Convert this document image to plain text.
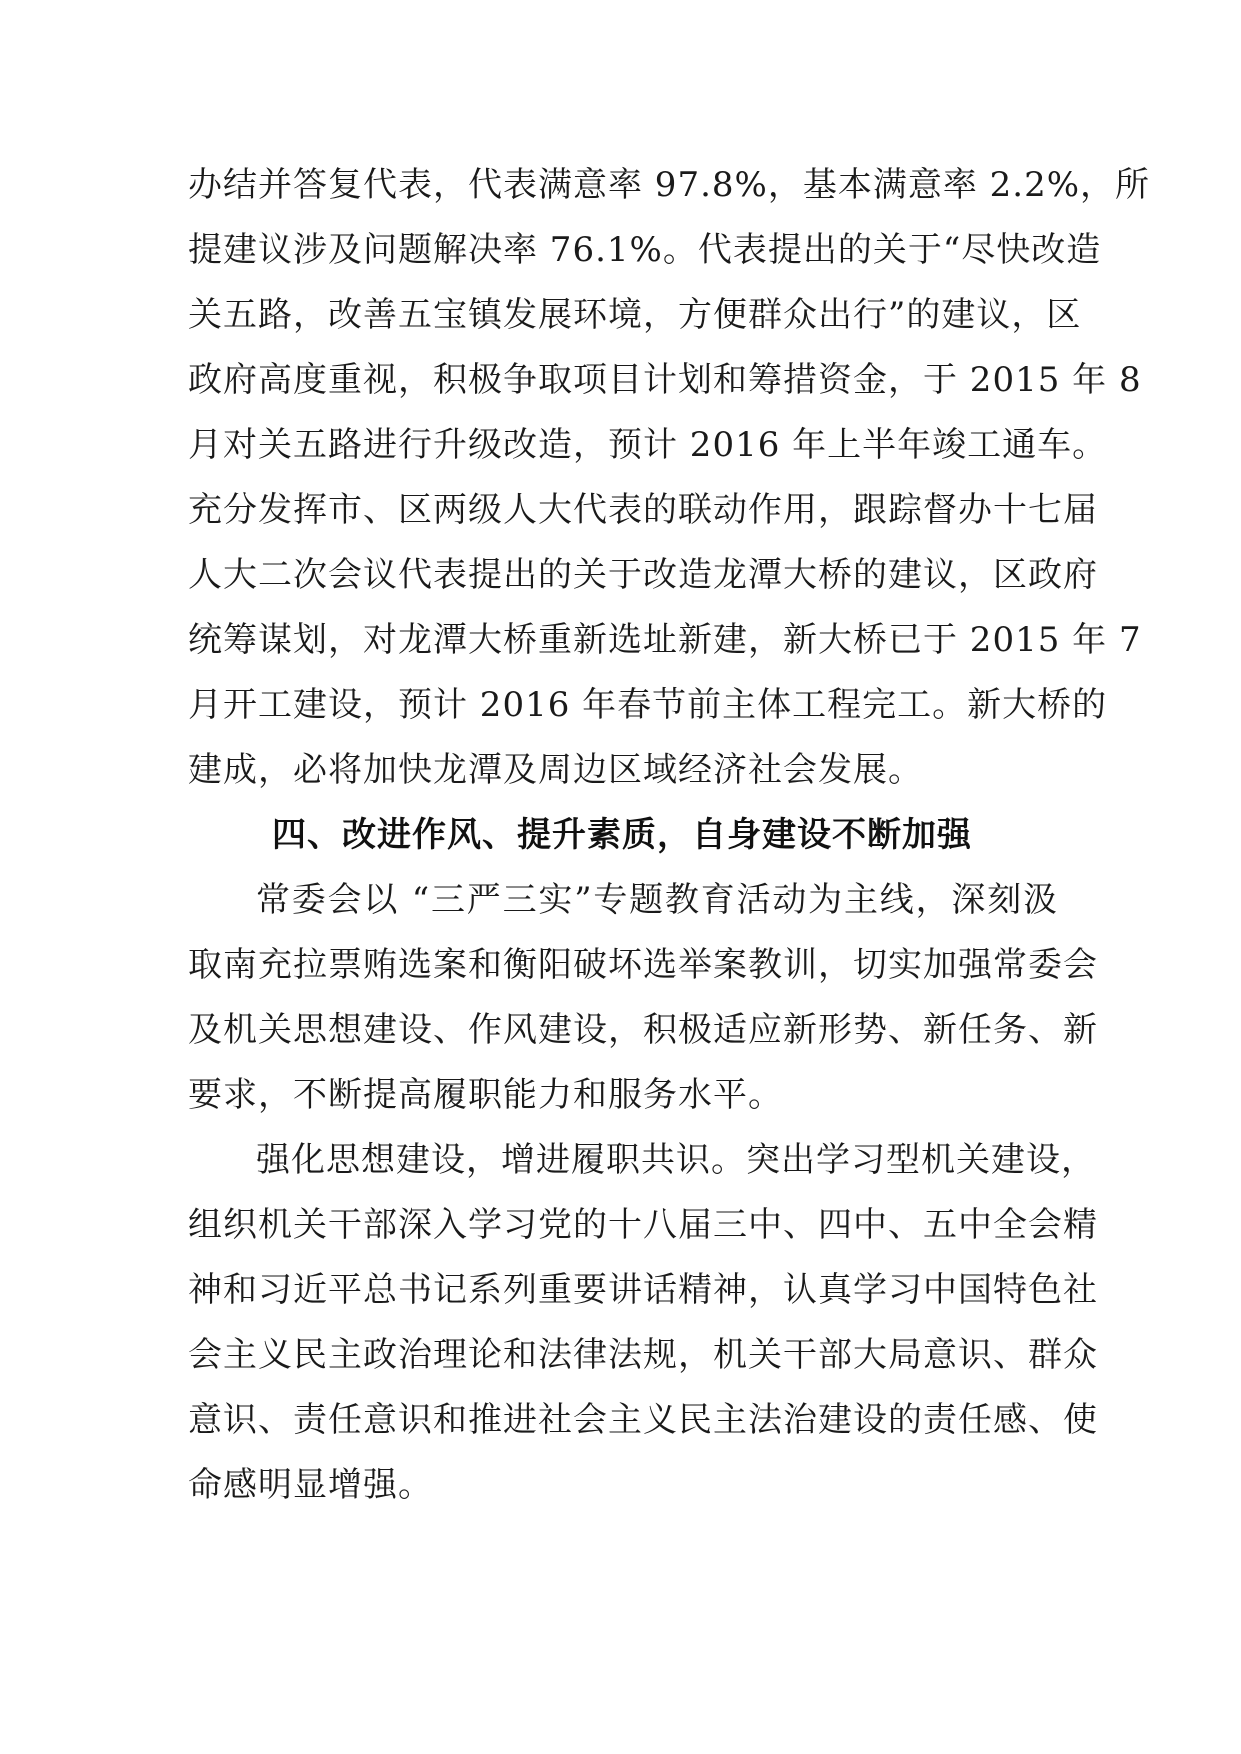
办结并答复代表，代表满意率 97.8%，基本满意率 2.2%，所
提建议涉及问题解决率 76.1%。代表提出的关于“尽快改造
关五路，改善五宝镇发展环境，方便群众出行”的建议，区
政府高度重视，积极争取项目计划和筹措资金，于 2015 年 8
月对关五路进行升级改造，预计 2016 年上半年竣工通车。
充分发挥市、区两级人大代表的联动作用，跟踪督办十七届
人大二次会议代表提出的关于改造龙潭大桥的建议，区政府
统筹谋划，对龙潭大桥重新选址新建，新大桥已于 2015 年 7
月开工建设，预计 2016 年春节前主体工程完工。新大桥的
建成，必将加快龙潭及周边区域经济社会发展。
四、改进作风、提升素质，自身建设不断加强
常委会以 “三严三实”专题教育活动为主线，深刻汲
取南充拉票贿选案和衡阳破坏选举案教训，切实加强常委会
及机关思想建设、作风建设，积极适应新形势、新任务、新
要求，不断提高履职能力和服务水平。
强化思想建设，增进履职共识。突出学习型机关建设，
组织机关干部深入学习党的十八届三中、四中、五中全会精
神和习近平总书记系列重要讲话精神，认真学习中国特色社
会主义民主政治理论和法律法规，机关干部大局意识、群众
意识、责任意识和推进社会主义民主法治建设的责任感、使
命感明显增强。
